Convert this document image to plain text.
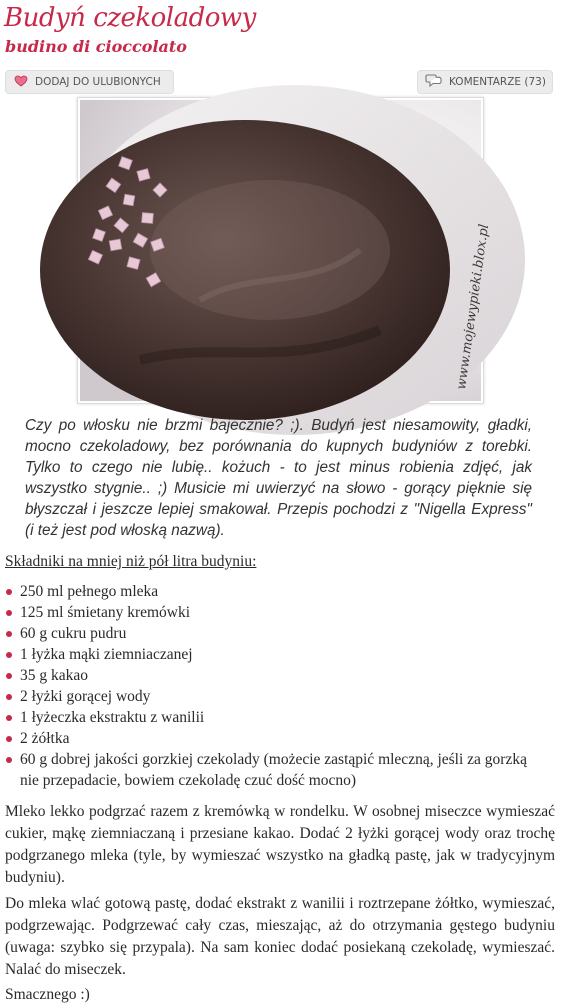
Budyń czekoladowy
budino di cioccolato
DODAJ DO ULUBIONYCH	KOMENTARZE (73)
www.mojewypieki.blox.pl

Czy po włosku nie brzmi bajecznie? ;). Budyń jest niesamowity, gładki, mocno czekoladowy, bez porównania do kupnych budyniów z torebki. Tylko to czego nie lubię.. kożuch - to jest minus robienia zdjęć, jak wszystko stygnie.. ;) Musicie mi uwierzyć na słowo - gorący pięknie się błyszczał i jeszcze lepiej smakował. Przepis pochodzi z "Nigella Express" (i też jest pod włoską nazwą).

Składniki na mniej niż pół litra budyniu:

250 ml pełnego mleka
125 ml śmietany kremówki
60 g cukru pudru
1 łyżka mąki ziemniaczanej
35 g kakao
2 łyżki gorącej wody
1 łyżeczka ekstraktu z wanilii
2 żółtka
60 g dobrej jakości gorzkiej czekolady (możecie zastąpić mleczną, jeśli za gorzką nie przepadacie, bowiem czekoladę czuć dość mocno)

Mleko lekko podgrzać razem z kremówką w rondelku. W osobnej miseczce wymieszać cukier, mąkę ziemniaczaną i przesiane kakao. Dodać 2 łyżki gorącej wody oraz trochę podgrzanego mleka (tyle, by wymieszać wszystko na gładką pastę, jak w tradycyjnym budyniu).

Do mleka wlać gotową pastę, dodać ekstrakt z wanilii i roztrzepane żółtko, wymieszać, podgrzewając. Podgrzewać cały czas, mieszając, aż do otrzymania gęstego budyniu (uwaga: szybko się przypala). Na sam koniec dodać posiekaną czekoladę, wymieszać. Nalać do miseczek.

Smacznego :)
